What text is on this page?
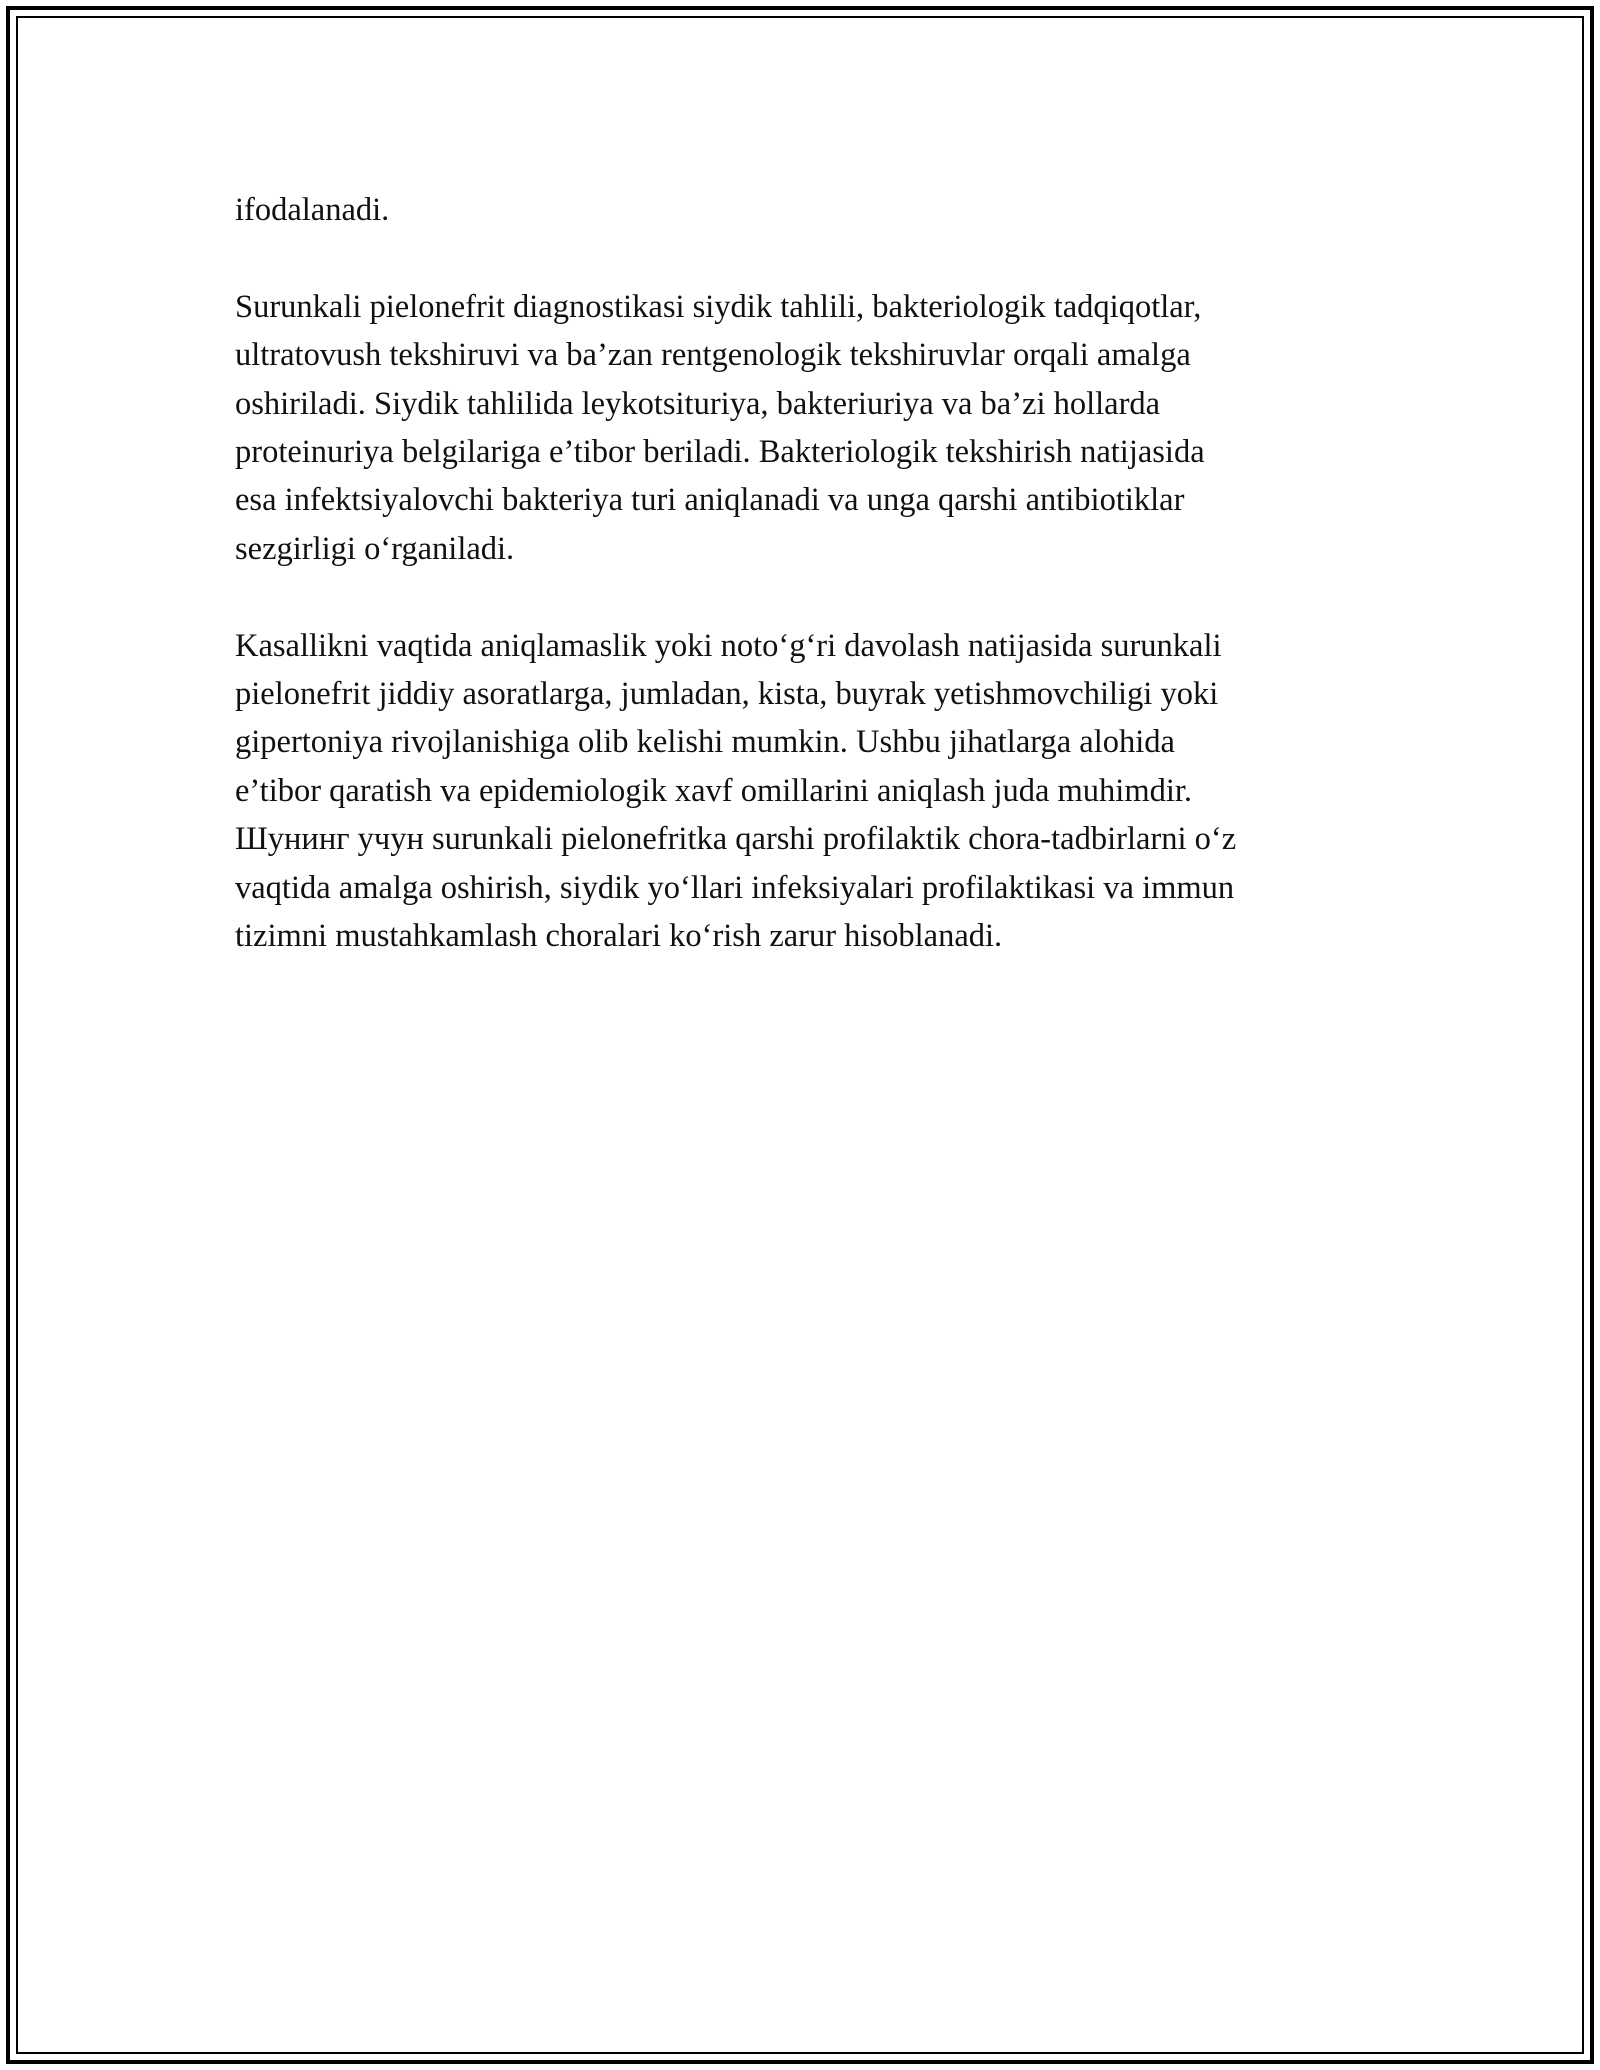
ifodalanadi.

Surunkali pielonefrit diagnostikasi siydik tahlili, bakteriologik tadqiqotlar,
ultratovush tekshiruvi va ba’zan rentgenologik tekshiruvlar orqali amalga
oshiriladi. Siydik tahlilida leykotsituriya, bakteriuriya va ba’zi hollarda
proteinuriya belgilariga e’tibor beriladi. Bakteriologik tekshirish natijasida
esa infektsiyalovchi bakteriya turi aniqlanadi va unga qarshi antibiotiklar
sezgirligi o‘rganiladi.

Kasallikni vaqtida aniqlamaslik yoki noto‘g‘ri davolash natijasida surunkali
pielonefrit jiddiy asoratlarga, jumladan, kista, buyrak yetishmovchiligi yoki
gipertoniya rivojlanishiga olib kelishi mumkin. Ushbu jihatlarga alohida
e’tibor qaratish va epidemiologik xavf omillarini aniqlash juda muhimdir.
Шунинг учун surunkali pielonefritka qarshi profilaktik chora-tadbirlarni o‘z
vaqtida amalga oshirish, siydik yo‘llari infeksiyalari profilaktikasi va immun
tizimni mustahkamlash choralari ko‘rish zarur hisoblanadi.
